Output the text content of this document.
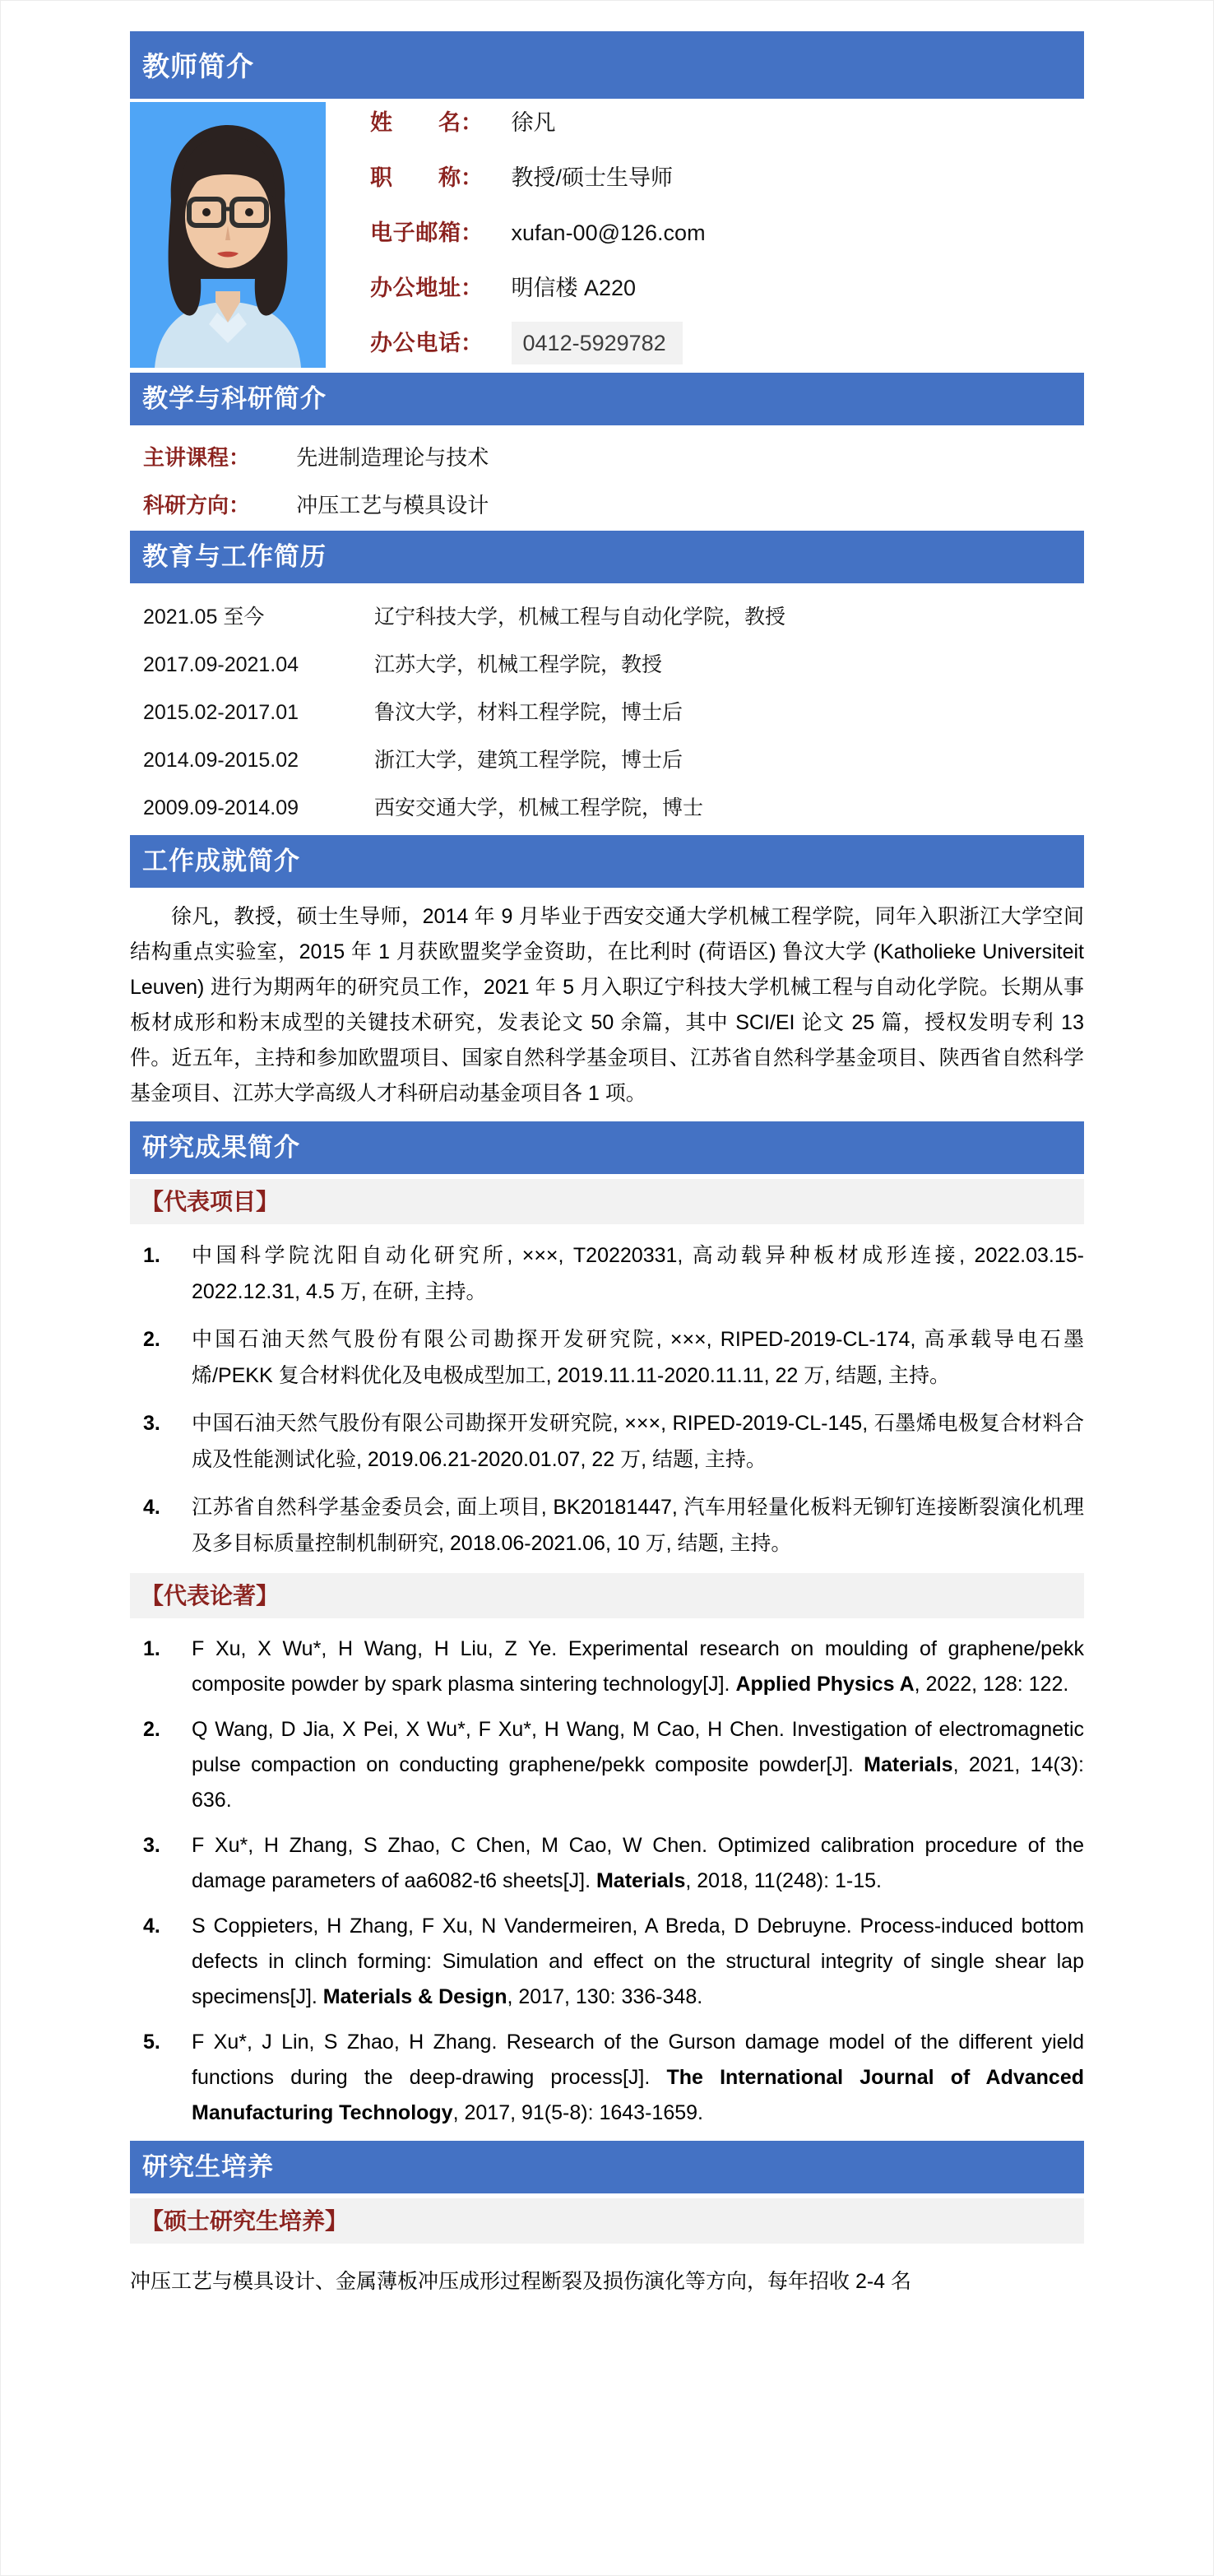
教师简介
姓名： 徐凡
职称： 教授/硕士生导师
电子邮箱： xufan-00@126.com
办公地址： 明信楼 A220
办公电话： 0412-5929782
教学与科研简介
主讲课程： 先进制造理论与技术
科研方向： 冲压工艺与模具设计
教育与工作简历
2021.05 至今	辽宁科技大学，机械工程与自动化学院，教授
2017.09-2021.04	江苏大学，机械工程学院，教授
2015.02-2017.01	鲁汶大学，材料工程学院，博士后
2014.09-2015.02	浙江大学，建筑工程学院，博士后
2009.09-2014.09	西安交通大学，机械工程学院，博士
工作成就简介

徐凡，教授，硕士生导师，2014 年 9 月毕业于西安交通大学机械工程学院，同年入职浙江大学空间结构重点实验室，2015 年 1 月获欧盟奖学金资助，在比利时 (荷语区) 鲁汶大学 (Katholieke Universiteit Leuven) 进行为期两年的研究员工作，2021 年 5 月入职辽宁科技大学机械工程与自动化学院。长期从事板材成形和粉末成型的关键技术研究，发表论文 50 余篇，其中 SCI/EI 论文 25 篇，授权发明专利 13 件。近五年，主持和参加欧盟项目、国家自然科学基金项目、江苏省自然科学基金项目、陕西省自然科学基金项目、江苏大学高级人才科研启动基金项目各 1 项。

研究成果简介
【代表项目】
1. 中国科学院沈阳自动化研究所, ×××, T20220331, 高动载异种板材成形连接, 2022.03.15-2022.12.31, 4.5 万, 在研, 主持。
2. 中国石油天然气股份有限公司勘探开发研究院, ×××, RIPED-2019-CL-174, 高承载导电石墨烯/PEKK 复合材料优化及电极成型加工, 2019.11.11-2020.11.11, 22 万, 结题, 主持。
3. 中国石油天然气股份有限公司勘探开发研究院, ×××, RIPED-2019-CL-145, 石墨烯电极复合材料合成及性能测试化验, 2019.06.21-2020.01.07, 22 万, 结题, 主持。
4. 江苏省自然科学基金委员会, 面上项目, BK20181447, 汽车用轻量化板料无铆钉连接断裂演化机理及多目标质量控制机制研究, 2018.06-2021.06, 10 万, 结题, 主持。
【代表论著】
1. F Xu, X Wu*, H Wang, H Liu, Z Ye. Experimental research on moulding of graphene/pekk composite powder by spark plasma sintering technology[J]. Applied Physics A, 2022, 128: 122.
2. Q Wang, D Jia, X Pei, X Wu*, F Xu*, H Wang, M Cao, H Chen. Investigation of electromagnetic pulse compaction on conducting graphene/pekk composite powder[J]. Materials, 2021, 14(3): 636.
3. F Xu*, H Zhang, S Zhao, C Chen, M Cao, W Chen. Optimized calibration procedure of the damage parameters of aa6082-t6 sheets[J]. Materials, 2018, 11(248): 1-15.
4. S Coppieters, H Zhang, F Xu, N Vandermeiren, A Breda, D Debruyne. Process-induced bottom defects in clinch forming: Simulation and effect on the structural integrity of single shear lap specimens[J]. Materials & Design, 2017, 130: 336-348.
5. F Xu*, J Lin, S Zhao, H Zhang. Research of the Gurson damage model of the different yield functions during the deep-drawing process[J]. The International Journal of Advanced Manufacturing Technology, 2017, 91(5-8): 1643-1659.
研究生培养
【硕士研究生培养】
冲压工艺与模具设计、金属薄板冲压成形过程断裂及损伤演化等方向，每年招收 2-4 名
